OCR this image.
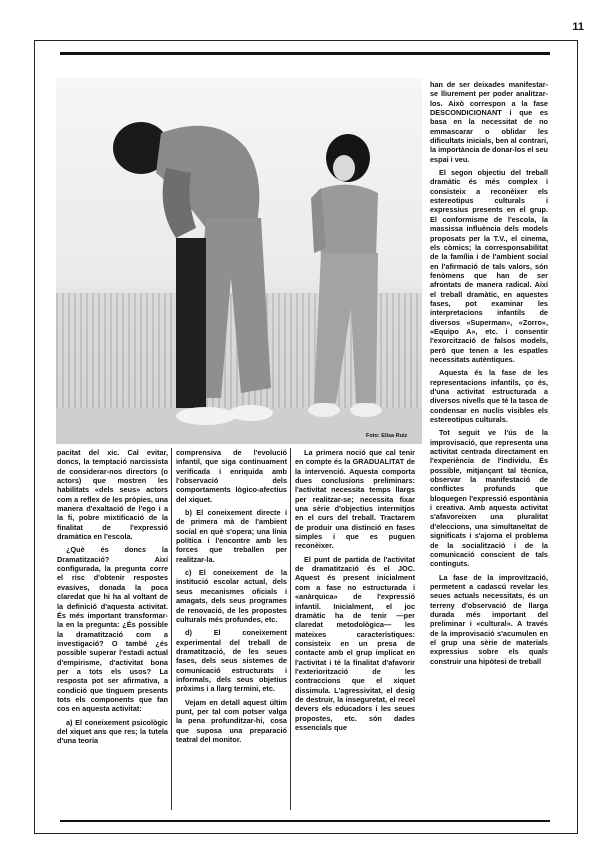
11
Foto: Elisa Ruiz

pacitat del xic. Cal evitar, doncs, la temptació narcissista de considerar-nos directors (o actors) que mostren les habilitats «dels seus» actors com a reflex de les pròpies, una manera d'exaltació de l'ego i a la fi, pobre mixtificació de la finalitat de l'expressió dramàtica en l'escola.

¿Què és doncs la Dramatització? Així configurada, la pregunta corre el risc d'obtenir respostes evasives, donada la poca claredat que hi ha al voltant de la definició d'aquesta activitat. És més important transformar-la en la pregunta: ¿És possible la dramatització com a investigació? O també ¿és possible superar l'estadi actual d'empirisme, d'activitat bona per a tots els usos? La resposta pot ser afirmativa, a condició que tinguem presents tots els components que fan cos en aquesta activitat:

a) El coneixement psicològic del xiquet ans que res; la tutela d'una teoria

comprensiva de l'evolució infantil, que siga continuament verificada i enriquida amb l'observació dels comportaments lògico-afectius del xiquet.

b) El coneixement directe i de primera mà de l'ambient social en què s'opera; una línia política i l'encontre amb les forces que treballen per realitzar-la.

c) El coneixement de la institució escolar actual, dels seus mecanismes oficials i amagats, dels seus programes de renovació, de les propostes culturals més profundes, etc.

d) El coneixement experimental del treball de dramatització, de les seues fases, dels seus sistemes de comunicació estructurats i informals, dels seus objetius pròxims i a llarg termini, etc.

Vejam en detall aquest últim punt, per tal com potser valga la pena profunditzar-hi, cosa que suposa una preparació teatral del monitor.

La primera noció que cal tenir en compte és la GRADUALITAT de la intervenció. Aquesta comporta dues conclusions preliminars: l'activitat necessita temps llargs per realitzar-se; necessita fixar una sèrie d'objectius intermitjos en el curs del treball. Tractarem de produir una distinció en fases simples i que es puguen reconèixer.

El punt de partida de l'activitat de dramatització és el JOC. Aquest és present inicialment com a fase no estructurada i «anàrquica» de l'expressió infantil. Inicialment, el joc dramàtic ha de tenir —per claredat metodològica— les mateixes característiques: consisteix en un presa de contacte amb el grup implicat en l'activitat i té la finalitat d'afavorir l'exteriorització de les contraccions que el xiquet dissimula. L'agressivitat, el desig de destruir, la inseguretat, el recel devers els educadors i les seues propostes, etc. són dades essencials que

han de ser deixades manifestar-se lliurement per poder analitzar-los. Això correspon a la fase DESCONDICIONANT i que es basa en la necessitat de no emmascarar o oblidar les dificultats inicials, ben al contrari, la importància de donar-los el seu espai i veu.

El segon objectiu del treball dramàtic és més complex i consisteix a reconèixer els estereotipus culturals i expressius presents en el grup. El conformisme de l'escola, la massissa influència dels models proposats per la T.V., el cinema, els còmics; la corresponsabilitat de la família i de l'ambient social en l'afirmació de tals valors, són fenòmens que han de ser afrontats de manera radical. Així el treball dramàtic, en aquestes fases, pot examinar les interpretacions infantils de diversos «Superman», «Zorro», «Equipo A», etc. i consentir l'exorcització de falsos models, però que tenen a les espatles necessitats autèntiques.

Aquesta és la fase de les representacions infantils, ço és, d'una activitat estructurada a diversos nivells que té la tasca de condensar en nuclis visibles els estereotipus culturals.

Tot seguit ve l'ús de la improvisació, que representa una activitat centrada directament en l'experiència de l'individu. És possible, mitjançant tal tècnica, observar la manifestació de conflictes profunds que bloquegen l'expressió espontània i creativa. Amb aquesta activitat s'afavoreixen una pluralitat d'eleccions, una simultaneïtat de significats i s'ajorna el problema de la socialització i de la comunicació conscient de tals continguts.

La fase de la improvització, permetent a cadascú revelar les seues actuals necessitats, és un terreny d'observació de llarga durada més important del preliminar i «cultural». A través de la improvisació s'acumulen en el grup una sèrie de materials expressius sobre els quals construir una hipòtesi de treball
